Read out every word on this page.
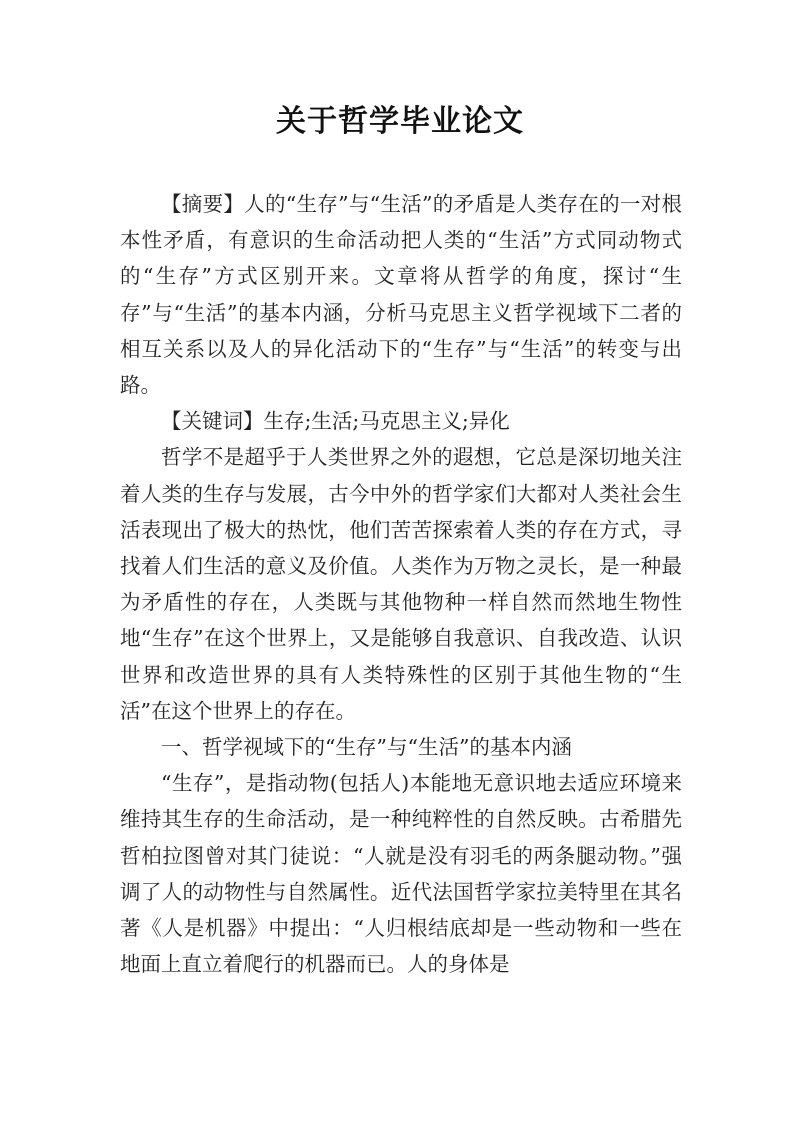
关于哲学毕业论文

【摘要】人的“生存”与“生活”的矛盾是人类存在的一对根本性矛盾，有意识的生命活动把人类的“生活”方式同动物式的“生存”方式区别开来。文章将从哲学的角度，探讨“生存”与“生活”的基本内涵，分析马克思主义哲学视域下二者的相互关系以及人的异化活动下的“生存”与“生活”的转变与出路。

【关键词】生存;生活;马克思主义;异化

哲学不是超乎于人类世界之外的遐想，它总是深切地关注着人类的生存与发展，古今中外的哲学家们大都对人类社会生活表现出了极大的热忱，他们苦苦探索着人类的存在方式，寻找着人们生活的意义及价值。人类作为万物之灵长，是一种最为矛盾性的存在，人类既与其他物种一样自然而然地生物性地“生存”在这个世界上，又是能够自我意识、自我改造、认识世界和改造世界的具有人类特殊性的区别于其他生物的“生活”在这个世界上的存在。

一、哲学视域下的“生存”与“生活”的基本内涵

“生存”，是指动物(包括人)本能地无意识地去适应环境来维持其生存的生命活动，是一种纯粹性的自然反映。古希腊先哲柏拉图曾对其门徒说：“人就是没有羽毛的两条腿动物。”强调了人的动物性与自然属性。近代法国哲学家拉美特里在其名著《人是机器》中提出：“人归根结底却是一些动物和一些在地面上直立着爬行的机器而已。人的身体是
